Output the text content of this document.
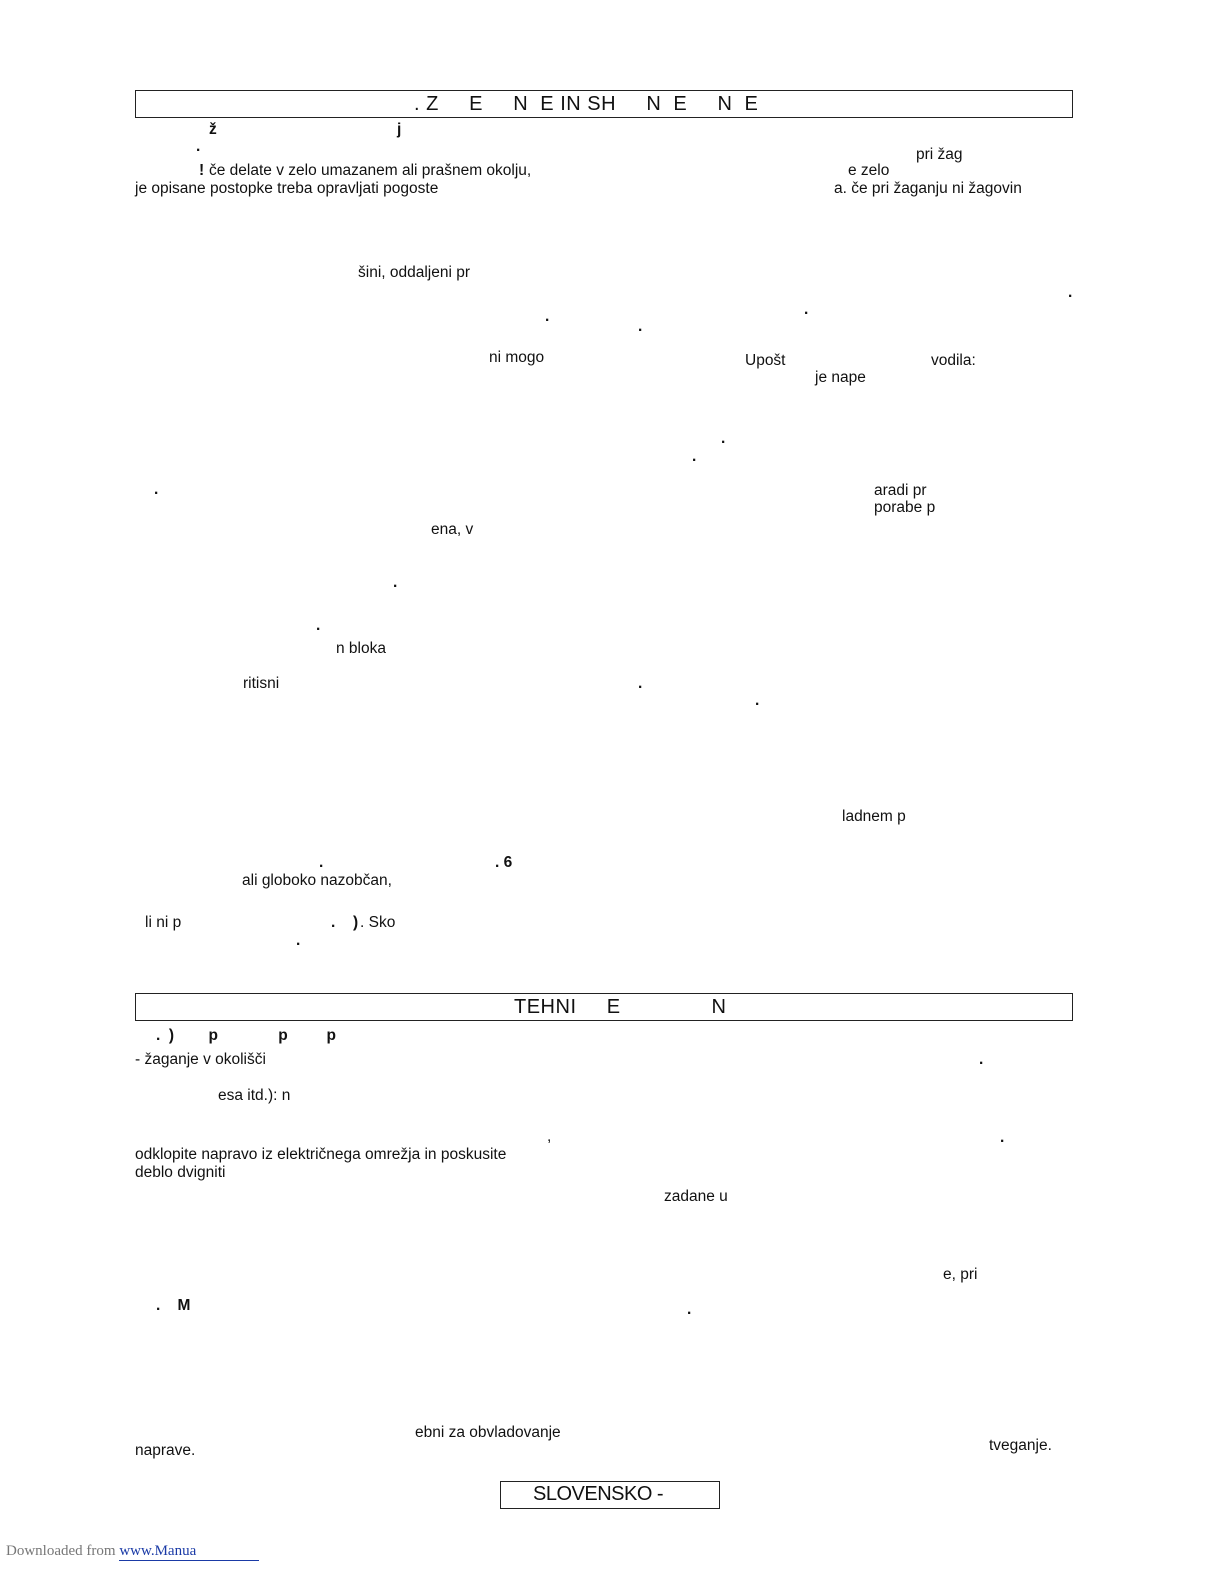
. Z     E     N  E IN SH     N  E     N  E
ž	j
.	pri žag
! če delate v zelo umazanem ali prašnem okolju,	e zelo
je opisane postopke treba opravljati pogoste	a. če pri žaganju ni žagovin
šini, oddaljeni pr
.
.
.
.
ni mogo	Upošt	vodila:
je nape
.
.
.	aradi pr
porabe p
ena, v
.
.
n bloka
ritisni	.
.
ladnem p
.	. 6
ali globoko nazobčan,
li ni p	. ) . Sko
.
TEHNI     E               N
.  )        p              p         p
- žaganje v okolišči	.
esa itd.): n
,	.
odklopite napravo iz električnega omrežja in poskusite
deblo dvigniti
zadane u
e, pri
.    M	.
ebni za obvladovanje
tveganje.
naprave.
SLOVENSKO -
Downloaded from www.Manua
